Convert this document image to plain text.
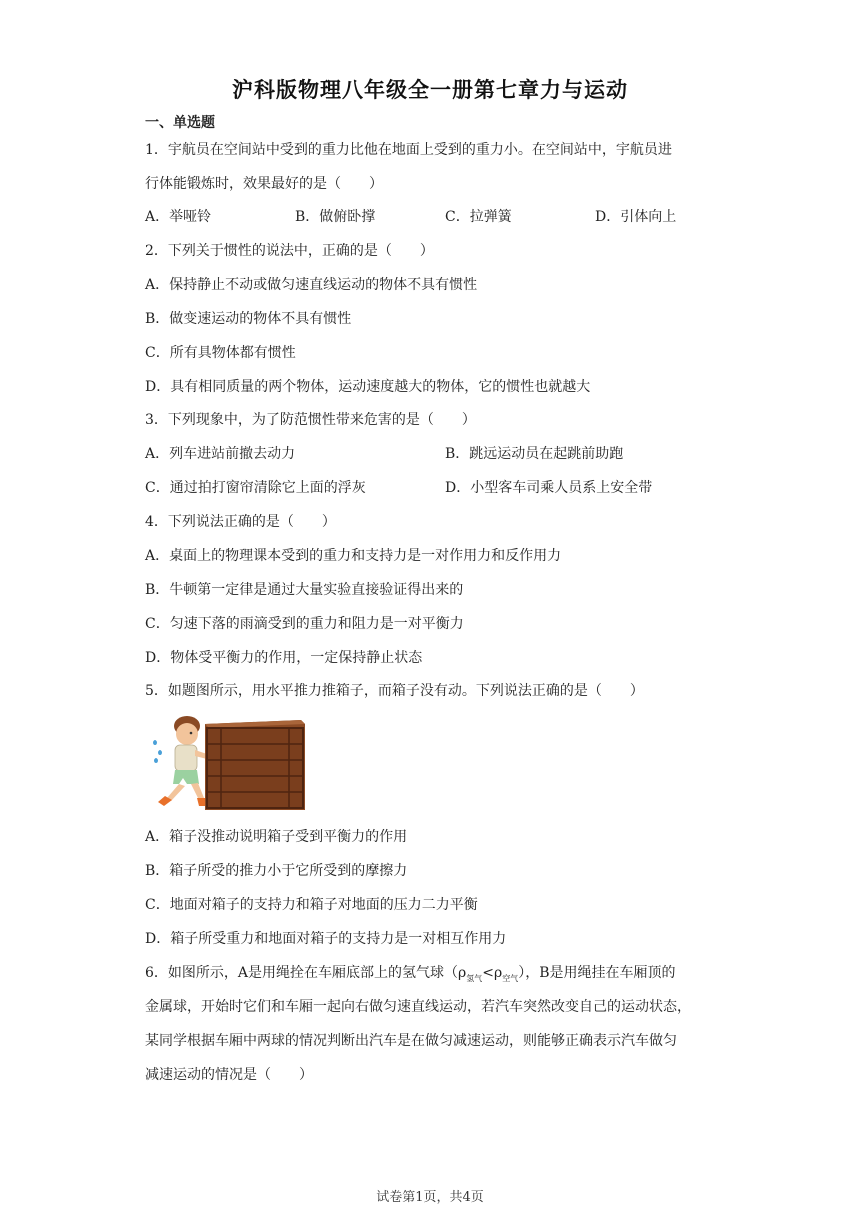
沪科版物理八年级全一册第七章力与运动
一、单选题
1．宇航员在空间站中受到的重力比他在地面上受到的重力小。在空间站中，宇航员进
行体能锻炼时，效果最好的是（　　）
A．举哑铃	B．做俯卧撑	C．拉弹簧	D．引体向上
2．下列关于惯性的说法中，正确的是（　　）
A．保持静止不动或做匀速直线运动的物体不具有惯性
B．做变速运动的物体不具有惯性
C．所有具物体都有惯性
D．具有相同质量的两个物体，运动速度越大的物体，它的惯性也就越大
3．下列现象中，为了防范惯性带来危害的是（　　）
A．列车进站前撤去动力	B．跳远运动员在起跳前助跑
C．通过拍打窗帘清除它上面的浮灰	D．小型客车司乘人员系上安全带
4．下列说法正确的是（　　）
A．桌面上的物理课本受到的重力和支持力是一对作用力和反作用力
B．牛顿第一定律是通过大量实验直接验证得出来的
C．匀速下落的雨滴受到的重力和阻力是一对平衡力
D．物体受平衡力的作用，一定保持静止状态
5．如题图所示，用水平推力推箱子，而箱子没有动。下列说法正确的是（　　）
A．箱子没推动说明箱子受到平衡力的作用
B．箱子所受的推力小于它所受到的摩擦力
C．地面对箱子的支持力和箱子对地面的压力二力平衡
D．箱子所受重力和地面对箱子的支持力是一对相互作用力
6．如图所示，A是用绳拴在车厢底部上的氢气球$(\rho_{氢气}<\rho_{空气})$，B是用绳挂在车厢顶的
金属球，开始时它们和车厢一起向右做匀速直线运动，若汽车突然改变自己的运动状态，
某同学根据车厢中两球的情况判断出汽车是在做匀减速运动，则能够正确表示汽车做匀
减速运动的情况是（　　）
试卷第1页，共4页
